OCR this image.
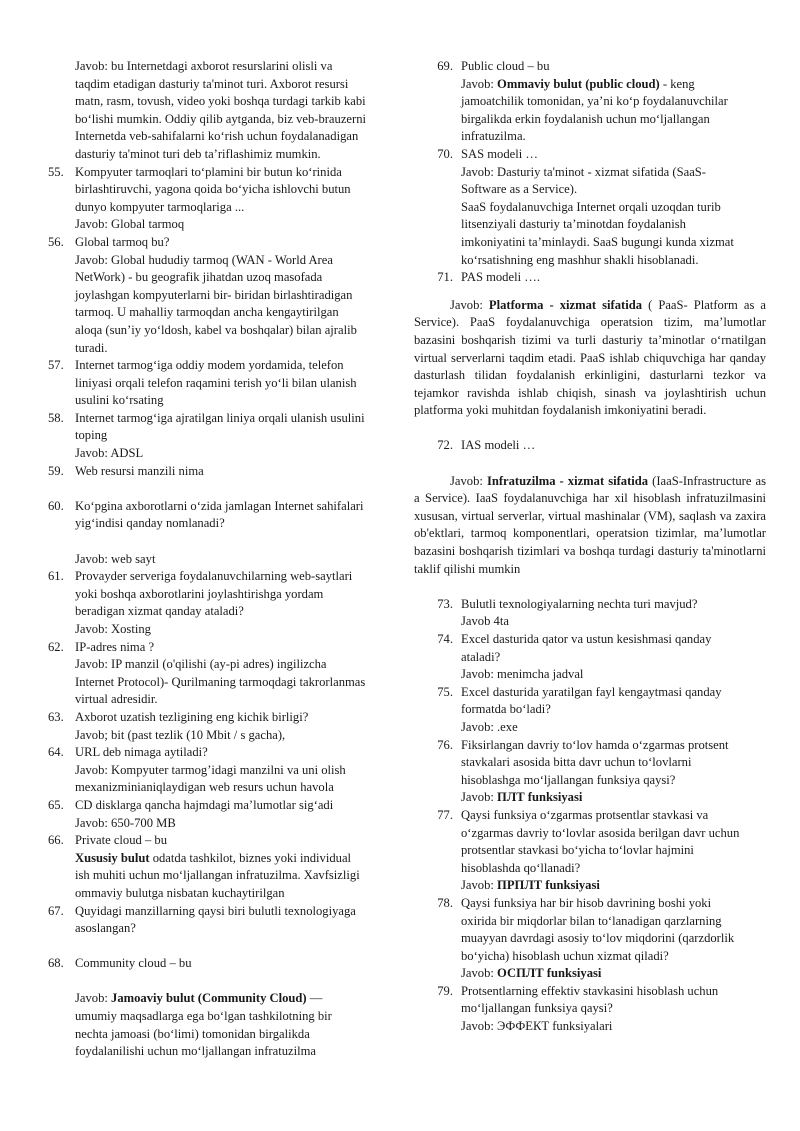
Javob: bu Internetdagi axborot resurslarini olisli va
taqdim etadigan dasturiy ta'minot turi. Axborot resursi
matn, rasm, tovush, video yoki boshqa turdagi tarkib kabi
boʻlishi mumkin. Oddiy qilib aytganda, biz veb-brauzerni
Internetda veb-sahifalarni koʻrish uchun foydalanadigan
dasturiy ta'minot turi deb taʼriflashimiz mumkin.
55. Kompyuter tarmoqlari toʻplamini bir butun koʻrinida
birlashtiruvchi, yagona qoida boʻyicha ishlovchi butun
dunyo kompyuter tarmoqlariga ...
Javob: Global tarmoq
56. Global tarmoq bu?
Javob: Global hududiy tarmoq (WAN - World Area
NetWork) - bu geografik jihatdan uzoq masofada
joylashgan kompyuterlarni bir- biridan birlashtiradigan
tarmoq. U mahalliy tarmoqdan ancha kengaytirilgan
aloqa (sunʼiy yoʻldosh, kabel va boshqalar) bilan ajralib
turadi.
57. Internet tarmogʻiga oddiy modem yordamida, telefon
liniyasi orqali telefon raqamini terish yoʻli bilan ulanish
usulini koʻrsating
58. Internet tarmogʻiga ajratilgan liniya orqali ulanish usulini
toping
Javob: ADSL
59. Web resursi manzili nima
60. Koʻpgina axborotlarni oʻzida jamlagan Internet sahifalari
yigʻindisi qanday nomlanadi?
Javob: web sayt
61. Provayder serveriga foydalanuvchilarning web-saytlari
yoki boshqa axborotlarini joylashtirishga yordam
beradigan xizmat qanday ataladi?
Javob: Xosting
62. IP-adres nima ?
Javob: IP manzil (o'qilishi (ay-pi adres) ingilizcha
Internet Protocol)- Qurilmaning tarmoqdagi takrorlanmas
virtual adresidir.
63. Axborot uzatish tezligining eng kichik birligi?
Javob; bit (past tezlik (10 Mbit / s gacha),
64. URL deb nimaga aytiladi?
Javob: Kompyuter tarmog’idagi manzilni va uni olish
mexanizminianiqlaydigan web resurs uchun havola
65. CD disklarga qancha hajmdagi maʼlumotlar sigʻadi
Javob: 650-700 MB
66. Private cloud – bu
Xususiy bulut odatda tashkilot, biznes yoki individual
ish muhiti uchun moʻljallangan infratuzilma. Xavfsizligi
ommaviy bulutga nisbatan kuchaytirilgan
67. Quyidagi manzillarning qaysi biri bulutli texnologiyaga
asoslangan?
68. Community cloud – bu
Javob: Jamoaviy bulut (Community Cloud) —
umumiy maqsadlarga ega boʻlgan tashkilotning bir
nechta jamoasi (boʻlimi) tomonidan birgalikda
foydalanilishi uchun moʻljallangan infratuzilma
69. Public cloud – bu
Javob: Ommaviy bulut (public cloud) - keng
jamoatchilik tomonidan, yaʼni koʻp foydalanuvchilar
birgalikda erkin foydalanish uchun moʻljallangan
infratuzilma.
70. SAS modeli …
Javob: Dasturiy ta'minot - xizmat sifatida (SaaS-
Software as a Service).
SaaS foydalanuvchiga Internet orqali uzoqdan turib
litsenziyali dasturiy taʼminotdan foydalanish
imkoniyatini taʼminlaydi. SaaS bugungi kunda xizmat
koʻrsatishning eng mashhur shakli hisoblanadi.
71. PAS modeli ….
Javob: Platforma - xizmat sifatida ( PaaS- Platform as a Service). PaaS foydalanuvchiga operatsion tizim, maʼlumotlar bazasini boshqarish tizimi va turli dasturiy taʼminotlar oʻrnatilgan virtual serverlarni taqdim etadi. PaaS ishlab chiquvchiga har qanday dasturlash tilidan foydalanish erkinligini, dasturlarni tezkor va tejamkor ravishda ishlab chiqish, sinash va joylashtirish uchun platforma yoki muhitdan foydalanish imkoniyatini beradi.
72. IAS modeli …
Javob: Infratuzilma - xizmat sifatida (IaaS-Infrastructure as a Service). IaaS foydalanuvchiga har xil hisoblash infratuzilmasini xususan, virtual serverlar, virtual mashinalar (VM), saqlash va zaxira ob'ektlari, tarmoq komponentlari, operatsion tizimlar, maʼlumotlar bazasini boshqarish tizimlari va boshqa turdagi dasturiy ta'minotlarni taklif qilishi mumkin
73. Bulutli texnologiyalarning nechta turi mavjud?
Javob 4ta
74. Excel dasturida qator va ustun kesishmasi qanday
ataladi?
Javob: menimcha jadval
75. Excel dasturida yaratilgan fayl kengaytmasi qanday
formatda boʻladi?
Javob: .exe
76. Fiksirlangan davriy toʻlov hamda oʻzgarmas protsent
stavkalari asosida bitta davr uchun toʻlovlarni
hisoblashga moʻljallangan funksiya qaysi?
Javob: ПЛТ funksiyasi
77. Qaysi funksiya oʻzgarmas protsentlar stavkasi va
oʻzgarmas davriy toʻlovlar asosida berilgan davr uchun
protsentlar stavkasi boʻyicha toʻlovlar hajmini
hisoblashda qoʻllanadi?
Javob: ПРПЛТ funksiyasi
78. Qaysi funksiya har bir hisob davrining boshi yoki
oxirida bir miqdorlar bilan toʻlanadigan qarzlarning
muayyan davrdagi asosiy toʻlov miqdorini (qarzdorlik
boʻyicha) hisoblash uchun xizmat qiladi?
Javob: ОСПЛТ funksiyasi
79. Protsentlarning effektiv stavkasini hisoblash uchun
moʻljallangan funksiya qaysi?
Javob: ЭФФЕКТ funksiyalari
